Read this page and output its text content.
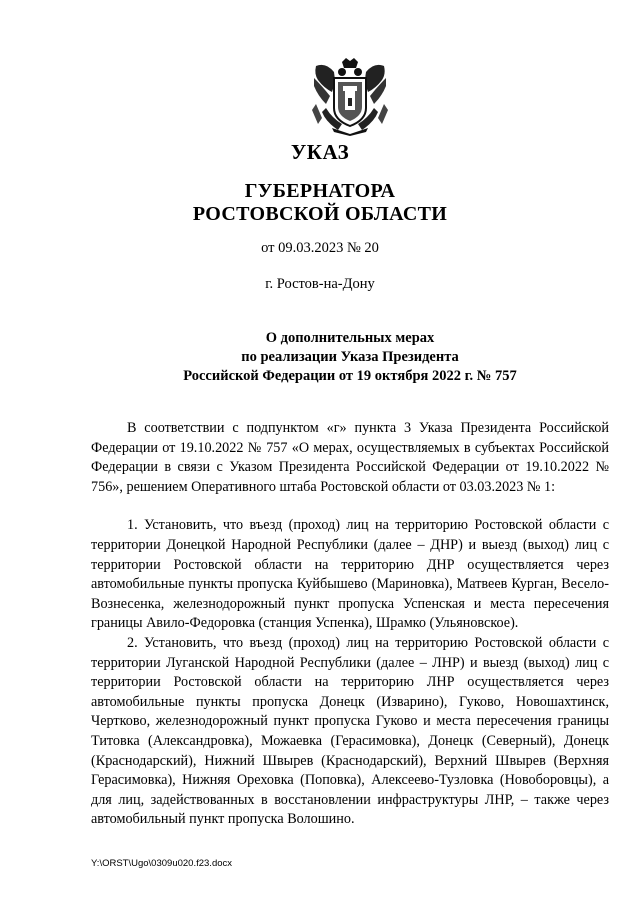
УКАЗ
ГУБЕРНАТОРА
РОСТОВСКОЙ ОБЛАСТИ
от 09.03.2023 № 20
г. Ростов-на-Дону
О дополнительных мерах
по реализации Указа Президента
Российской Федерации от 19 октября 2022 г. № 757

В соответствии с подпунктом «г» пункта 3 Указа Президента Российской Федерации от 19.10.2022 № 757 «О мерах, осуществляемых в субъектах Российской Федерации в связи с Указом Президента Российской Федерации от 19.10.2022 № 756», решением Оперативного штаба Ростовской области от 03.03.2023 № 1:

1. Установить, что въезд (проход) лиц на территорию Ростовской области с территории Донецкой Народной Республики (далее – ДНР) и выезд (выход) лиц с территории Ростовской области на территорию ДНР осуществляется через автомобильные пункты пропуска Куйбышево (Мариновка), Матвеев Курган, Весело-Вознесенка, железнодорожный пункт пропуска Успенская и места пересечения границы Авило-Федоровка (станция Успенка), Шрамко (Ульяновское).

2. Установить, что въезд (проход) лиц на территорию Ростовской области с территории Луганской Народной Республики (далее – ЛНР) и выезд (выход) лиц с территории Ростовской области на территорию ЛНР осуществляется через автомобильные пункты пропуска Донецк (Изварино), Гуково, Новошахтинск, Чертково, железнодорожный пункт пропуска Гуково и места пересечения границы Титовка (Александровка), Можаевка (Герасимовка), Донецк (Северный), Донецк (Краснодарский), Нижний Швырев (Краснодарский), Верхний Швырев (Верхняя Герасимовка), Нижняя Ореховка (Поповка), Алексеево-Тузловка (Новоборовцы), а для лиц, задействованных в восстановлении инфраструктуры ЛНР, – также через автомобильный пункт пропуска Волошино.

Y:\ORST\Ugo\0309u020.f23.docx
